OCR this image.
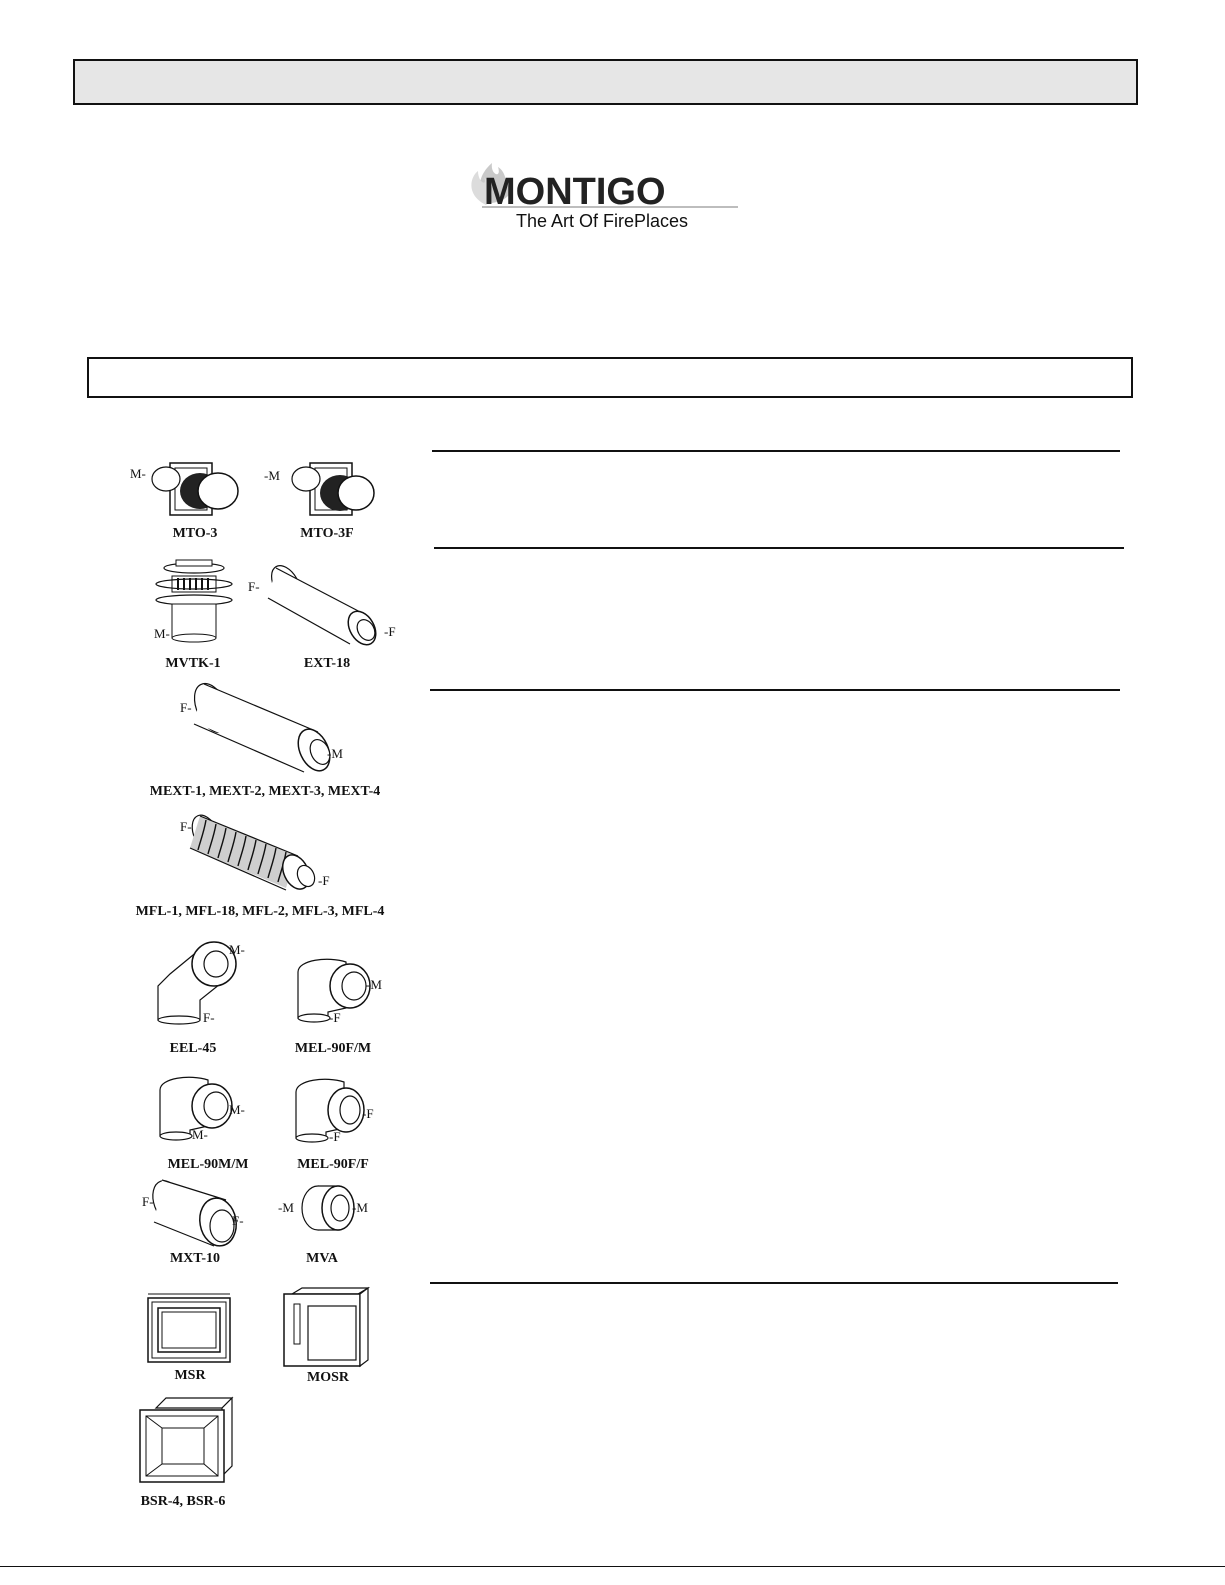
MONTIGO
The Art Of FirePlaces
M-
MTO-3
-M
MTO-3F
M-
MVTK-1
F-
-F
EXT-18
F-
-M
MEXT-1, MEXT-2, MEXT-3, MEXT-4
F-
-F
MFL-1, MFL-18, MFL-2, MFL-3, MFL-4
M-
F-
EEL-45
-M
-F
MEL-90F/M
M-
M-
MEL-90M/M
-F
-F
MEL-90F/F
F-
F-
MXT-10
-M	-M
MVA
MSR	MOSR
BSR-4, BSR-6
